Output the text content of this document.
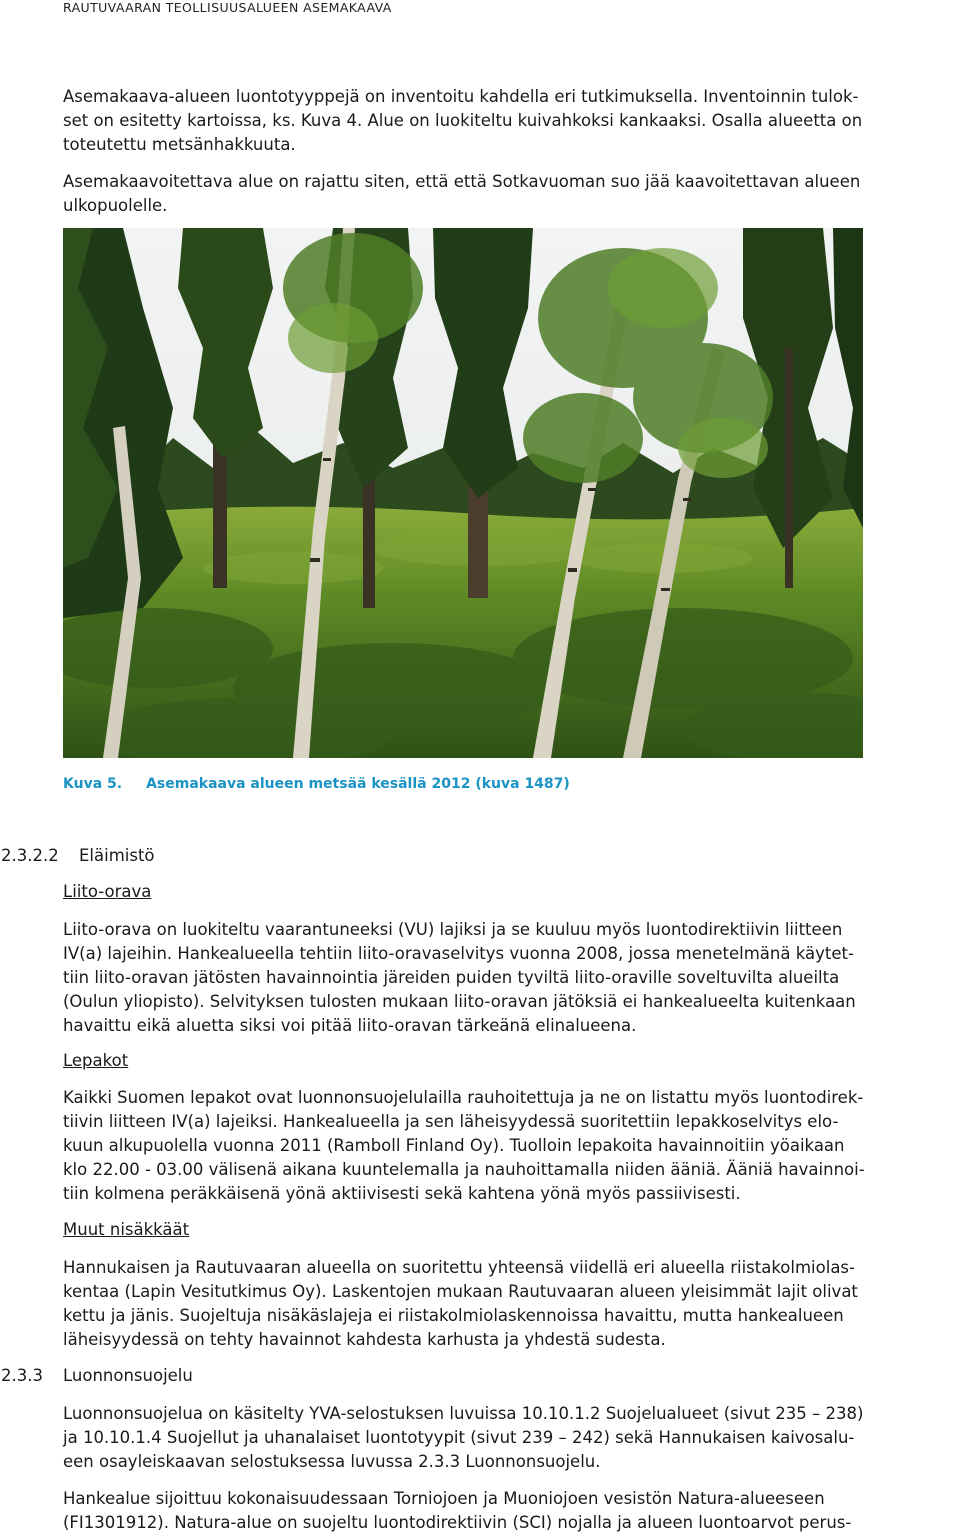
RAUTUVAARAN TEOLLISUUSALUEEN ASEMAKAAVA
Asemakaava-alueen luontotyyppejä on inventoitu kahdella eri tutkimuksella. Inventoinnin tulok-
set on esitetty kartoissa, ks. Kuva 4. Alue on luokiteltu kuivahkoksi kankaaksi. Osalla alueetta on
toteutettu metsänhakkuuta.
Asemakaavoitettava alue on rajattu siten, että että Sotkavuoman suo jää kaavoitettavan alueen
ulkopuolelle.
Kuva 5. Asemakaava alueen metsää kesällä 2012 (kuva 1487)
2.3.2.2 Eläimistö
Liito-orava
Liito-orava on luokiteltu vaarantuneeksi (VU) lajiksi ja se kuuluu myös luontodirektiivin liitteen
IV(a) lajeihin. Hankealueella tehtiin liito-oravaselvitys vuonna 2008, jossa menetelmänä käytet-
tiin liito-oravan jätösten havainnointia järeiden puiden tyviltä liito-oraville soveltuvilta alueilta
(Oulun yliopisto). Selvityksen tulosten mukaan liito-oravan jätöksiä ei hankealueelta kuitenkaan
havaittu eikä aluetta siksi voi pitää liito-oravan tärkeänä elinalueena.
Lepakot
Kaikki Suomen lepakot ovat luonnonsuojelulailla rauhoitettuja ja ne on listattu myös luontodirek-
tiivin liitteen IV(a) lajeiksi. Hankealueella ja sen läheisyydessä suoritettiin lepakkoselvitys elo-
kuun alkupuolella vuonna 2011 (Ramboll Finland Oy). Tuolloin lepakoita havainnoitiin yöaikaan
klo 22.00 - 03.00 välisenä aikana kuuntelemalla ja nauhoittamalla niiden ääniä. Ääniä havainnoi-
tiin kolmena peräkkäisenä yönä aktiivisesti sekä kahtena yönä myös passiivisesti.
Muut nisäkkäät
Hannukaisen ja Rautuvaaran alueella on suoritettu yhteensä viidellä eri alueella riistakolmiolas-
kentaa (Lapin Vesitutkimus Oy). Laskentojen mukaan Rautuvaaran alueen yleisimmät lajit olivat
kettu ja jänis. Suojeltuja nisäkäslajeja ei riistakolmiolaskennoissa havaittu, mutta hankealueen
läheisyydessä on tehty havainnot kahdesta karhusta ja yhdestä sudesta.
2.3.3 Luonnonsuojelu
Luonnonsuojelua on käsitelty YVA-selostuksen luvuissa 10.10.1.2 Suojelualueet (sivut 235 – 238)
ja 10.10.1.4 Suojellut ja uhanalaiset luontotyypit (sivut 239 – 242) sekä Hannukaisen kaivosalu-
een osayleiskaavan selostuksessa luvussa 2.3.3 Luonnonsuojelu.
Hankealue sijoittuu kokonaisuudessaan Torniojoen ja Muoniojoen vesistön Natura-alueeseen
(FI1301912). Natura-alue on suojeltu luontodirektiivin (SCI) nojalla ja alueen luontoarvot perus-
